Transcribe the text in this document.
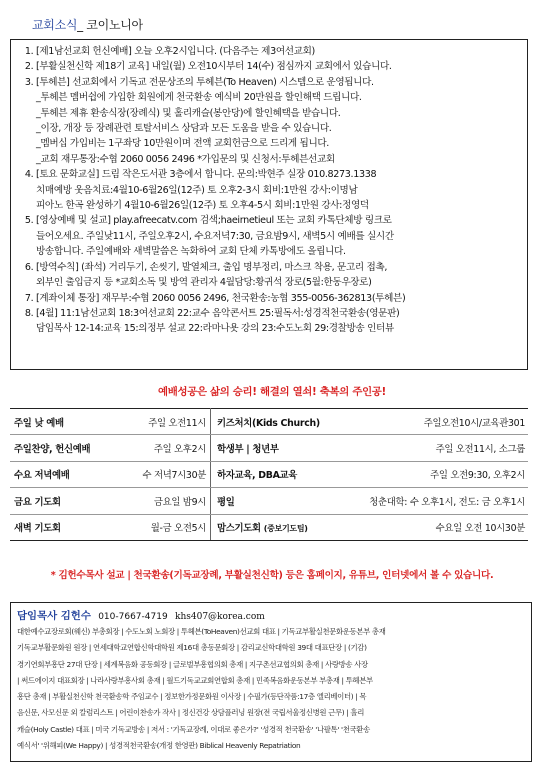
교회소식_ 코이노니아
1. [제1남선교회 헌신예배] 오늘 오후2시입니다. (다음주는 제3여선교회)
2. [부활실천신학 제18기 교육] 내일(월) 오전10시부터 14(수) 점심까지 교회에서 있습니다.
3. [투헤븐] 선교회에서 기독교 전문상조의 투헤븐(To Heaven) 시스템으로 운영됩니다.
_투헤븐 멤버쉽에 가입한 회원에게 천국환송 예식비 20만원을 할인해택 드립니다.
_투헤븐 제휴 환송식장(장례식) 및 홀리캐슬(봉안당)에 할인혜택을 받습니다.
_이장, 개장 등 장례관련 토탈서비스 상담과 모든 도움을 받을 수 있습니다.
_멤버십 가입비는 1구좌당 10만원이며 전액 교회헌금으로 드리게 됩니다.
_교회 재무통장:수협 2060 0056 2496 *가입문의 및 신청서:투헤븐선교회
4. [토요 문화교실] 드림 작은도서관 3층에서 합니다. 문의:박현주 실장 010.8273.1338
치매예방 웃음치료:4월10-6월26일(12주) 토 오후2-3시 회비:1만원 강사:이명남
피아노 한곡 완성하기 4월10-6월26일(12주) 토 오후4-5시 회비:1만원 강사:정영덕
5. [영상예배 및 설교] play.afreecatv.com 검색;haeirnetieul 또는 교회 카톡단체방 링크로
들어오세요. 주일낮11시, 주일오후2시, 수요저녁7:30, 금요밤9시, 새벽5시 예배를 실시간
방송합니다. 주일예배와 새벽말씀은 녹화하여 교회 단체 카톡방에도 올립니다.
6. [방역수칙] (좌석) 거리두기, 손씻기, 발열체크, 출입 명부정리, 마스크 착용, 문고리 접촉,
외부인 출입금지 등 *교회소독 및 방역 관리자 4월담당:황귀석 장로(5월:한동우장로)
7. [계좌이체 통장] 재무부:수협 2060 0056 2496, 천국환송:농협 355-0056-362813(투헤븐)
8. [4월] 11:1남선교회 18:3여선교회 22:교수 음악콘서트 25:필독서:성경적천국환송(영문판)
담임목사 12-14:교육 15:의정부 설교 22:라마나욧 강의 23:수도노회 29:경찰방송 인터뷰
예배성공은 삶의 승리! 해결의 열쇠! 축복의 주인공!
주일 낮 예배	주일 오전11시	키즈처치(Kids Church)	주일오전10시/교육관301
주일찬양, 헌신예배	주일 오후2시	학생부 | 청년부	주일 오전11시, 소그룹
수요 저녁예배	수 저녁7시30분	하자교육, DBA교육	주일 오전9:30, 오후2시
금요 기도회	금요일 밤9시	평일	청춘대학: 수 오후1시, 전도: 금 오후1시
새벽 기도회	월-금 오전5시	맘스기도회 (중보기도팀)	수요일 오전 10시30분
* 김헌수목사 설교 | 천국환송(기독교장례, 부활실천신학) 등은 홈페이지, 유튜브, 인터넷에서 볼 수 있습니다.
담임목사 김헌수 010-7667-4719 khs407@korea.com
대한예수교장로회(웨신) 부총회장 | 수도노회 노회장 | 투헤븐(ToHeaven)선교회 대표 | 기독교부활실천문화운동본부 총재
기독교부활문화원 원장 | 연세대학교연합신학대학원 제16대 총동문회장 | 감리교신학대학원 39대 대표단장 | (기감)
경기연회부흥단 27대 단장 | 세계복음화 공동회장 | 글로벌부흥협의회 총재 | 지구촌선교협의회 총재 | 사랑방송 사장
| 써드에이지 대표회장 | 나라사랑부흥사회 총재 | 월드기독교교회연합회 총재 | 민족복음화운동본부 부총재 | 투헤븐부
흥단 총재 | 부활실천신학 천국환송학 주임교수 | 정보한가정문화원 이사장 | 수필가(등단작품:17층 엘리베이터) | 목
음신문, 사모신문 외 칼럼리스트 | 어린이찬송가 작사 | 정신건강 상담플러닝 원장(전 국립서울정신병원 근무) | 홀리
캐슬(Holy Castle) 대표 | 미국 기독교방송 | 저서 : '기독교장례, 이대로 좋은가?' '성경적 천국환송' '나팔톡' '천국환송
예식서' '위해피(We Happy) | 성경적천국환송(개정 한영판) Biblical Heavenly Repatriation
